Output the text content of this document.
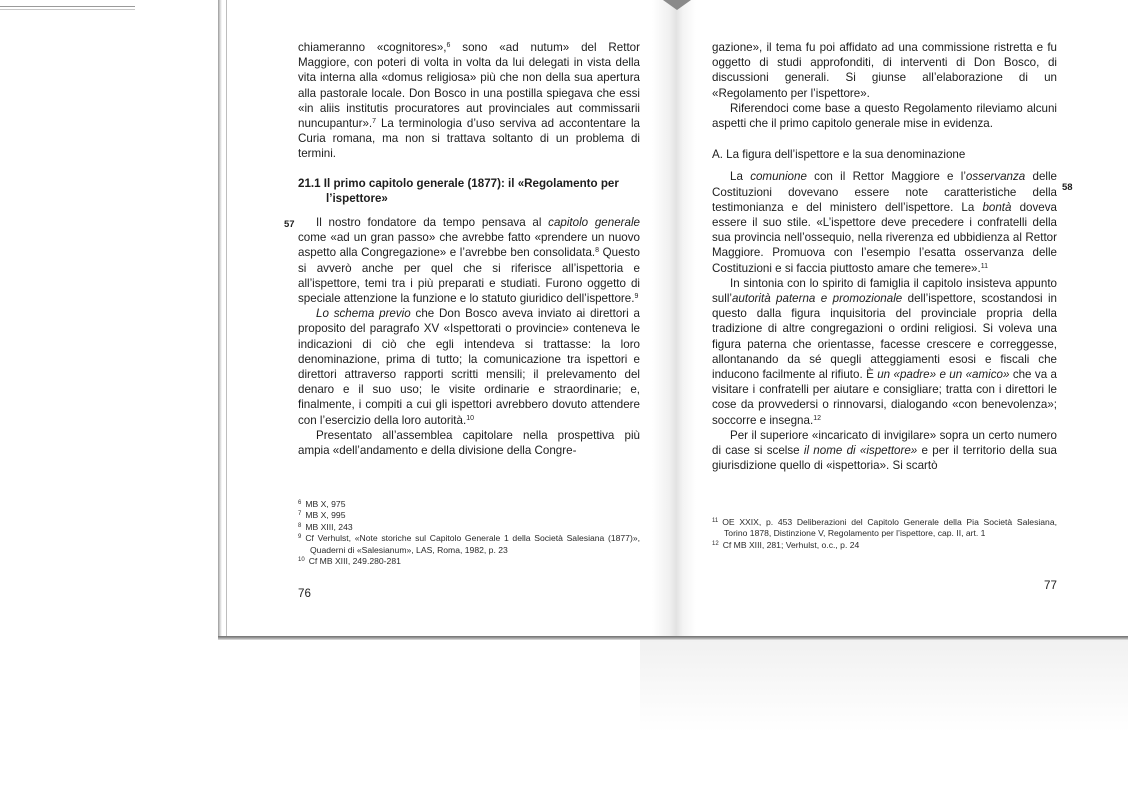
chiameranno «cognitores»,$^6$ sono «ad nutum» del Rettor Maggiore, con poteri di volta in volta da lui delegati in vista della vita interna alla «domus religiosa» più che non della sua apertura alla pastorale locale. Don Bosco in una postilla spiegava che essi «in aliis institutis procuratores aut provinciales aut commissarii nuncupantur».$^7$ La terminologia d’uso serviva ad accontentare la Curia romana, ma non si trattava soltanto di un problema di termini.

21.1 Il primo capitolo generale (1877): il «Regolamento per l’ispettore»

Il nostro fondatore da tempo pensava al capitolo generale come «ad un gran passo» che avrebbe fatto «prendere un nuovo aspetto alla Congregazione» e l’avrebbe ben consolidata.$^8$ Questo si avverò anche per quel che si riferisce all’ispettoria e all’ispettore, temi tra i più preparati e studiati. Furono oggetto di speciale attenzione la funzione e lo statuto giuridico dell’ispettore.$^9$

Lo schema previo che Don Bosco aveva inviato ai direttori a proposito del paragrafo XV «Ispettorati o provincie» conteneva le indicazioni di ciò che egli intendeva si trattasse: la loro denominazione, prima di tutto; la comunicazione tra ispettori e direttori attraverso rapporti scritti mensili; il prelevamento del denaro e il suo uso; le visite ordinarie e straordinarie; e, finalmente, i compiti a cui gli ispettori avrebbero dovuto attendere con l’esercizio della loro autorità.$^{10}$

Presentato all’assemblea capitolare nella prospettiva più ampia «dell’andamento e della divisione della Congre-

57

$^6$ MB X, 975

$^7$ MB X, 995

$^8$ MB XIII, 243

$^9$ Cf Verhulst, «Note storiche sul Capitolo Generale 1 della Società Salesiana (1877)», Quaderni di «Salesianum», LAS, Roma, 1982, p. 23

$^{10}$ Cf MB XIII, 249.280-281

76

gazione», il tema fu poi affidato ad una commissione ristretta e fu oggetto di studi approfonditi, di interventi di Don Bosco, di discussioni generali. Si giunse all’elaborazione di un «Regolamento per l’ispettore».

Riferendoci come base a questo Regolamento rileviamo alcuni aspetti che il primo capitolo generale mise in evidenza.

A. La figura dell’ispettore e la sua denominazione

La comunione con il Rettor Maggiore e l’osservanza delle Costituzioni dovevano essere note caratteristiche della testimonianza e del ministero dell’ispettore. La bontà doveva essere il suo stile. «L’ispettore deve precedere i confratelli della sua provincia nell’ossequio, nella riverenza ed ubbidienza al Rettor Maggiore. Promuova con l’esempio l’esatta osservanza delle Costituzioni e si faccia piuttosto amare che temere».$^{11}$

In sintonia con lo spirito di famiglia il capitolo insisteva appunto sull’autorità paterna e promozionale dell’ispettore, scostandosi in questo dalla figura inquisitoria del provinciale propria della tradizione di altre congregazioni o ordini religiosi. Si voleva una figura paterna che orientasse, facesse crescere e correggesse, allontanando da sé quegli atteggiamenti esosi e fiscali che inducono facilmente al rifiuto. È un «padre» e un «amico» che va a visitare i confratelli per aiutare e consigliare; tratta con i direttori le cose da provvedersi o rinnovarsi, dialogando «con benevolenza»; soccorre e insegna.$^{12}$

Per il superiore «incaricato di invigilare» sopra un certo numero di case si scelse il nome di «ispettore» e per il territorio della sua giurisdizione quello di «ispettoria». Si scartò

58

$^{11}$ OE XXIX, p. 453 Deliberazioni del Capitolo Generale della Pia Società Salesiana, Torino 1878, Distinzione V, Regolamento per l’ispettore, cap. II, art. 1

$^{12}$ Cf MB XIII, 281; Verhulst, o.c., p. 24

77
